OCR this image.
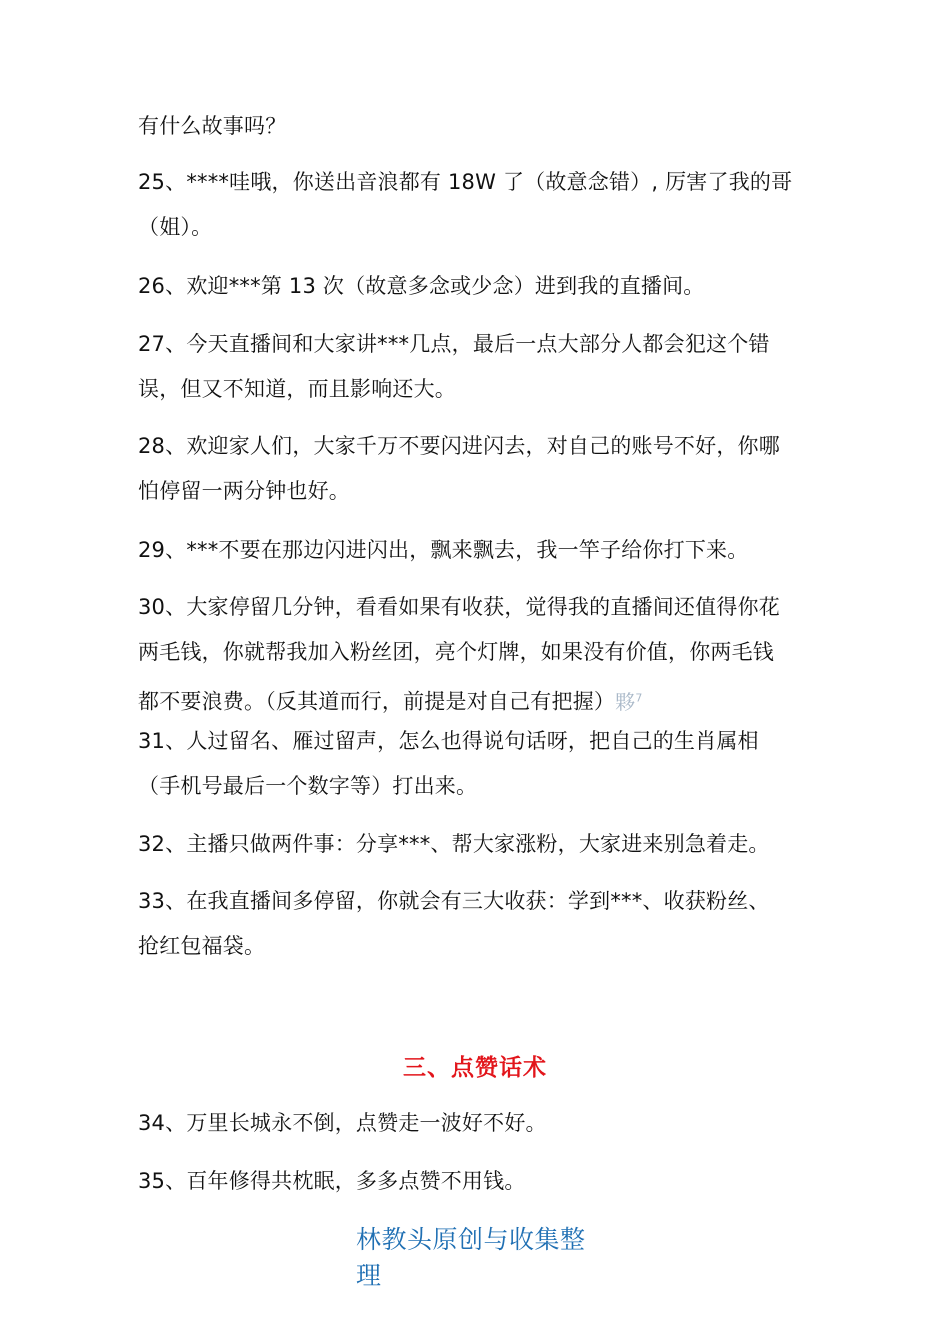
有什么故事吗？
25、****哇哦，你送出音浪都有 18W 了（故意念错）, 厉害了我的哥
（姐）。
26、欢迎***第 13 次（故意多念或少念）进到我的直播间。
27、今天直播间和大家讲***几点，最后一点大部分人都会犯这个错
误，但又不知道，而且影响还大。
28、欢迎家人们，大家千万不要闪进闪去，对自己的账号不好，你哪
怕停留一两分钟也好。
29、***不要在那边闪进闪出，飘来飘去，我一竿子给你打下来。
30、大家停留几分钟，看看如果有收获，觉得我的直播间还值得你花
两毛钱，你就帮我加入粉丝团，亮个灯牌，如果没有价值，你两毛钱
都不要浪费。（反其道而行，前提是对自己有把握）夥$^7$
31、人过留名、雁过留声，怎么也得说句话呀，把自己的生肖属相
（手机号最后一个数字等）打出来。
32、主播只做两件事：分享***、帮大家涨粉，大家进来别急着走。
33、在我直播间多停留，你就会有三大收获：学到***、收获粉丝、
抢红包福袋。
三、点赞话术
34、万里长城永不倒，点赞走一波好不好。
35、百年修得共枕眠，多多点赞不用钱。
林教头原创与收集整
理
